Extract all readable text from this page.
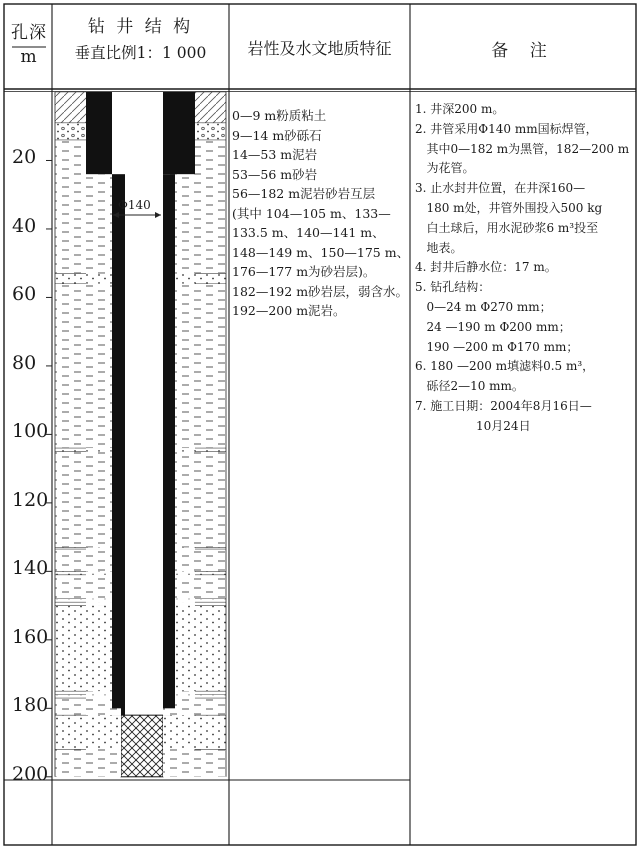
孔深
m
钻 井 结 构
垂直比例1：1 000	岩性及水文地质特征	备 注
20
40
60
80
100
120
140
160
180
200
Φ140
0—9 m粉质粘土
9—14 m砂砾石
14—53 m泥岩
53—56 m砂岩
56—182 m泥岩砂岩互层
(其中 104—105 m、133—
133.5 m、140—141 m、
148—149 m、150—175 m、
176—177 m为砂岩层)。
182—192 m砂岩层，弱含水。
192—200 m泥岩。
1. 井深200 m。
2. 井管采用Φ140 mm国标焊管，
其中0—182 m为黑管，182—200 m
为花管。
3. 止水封井位置，在井深160—
180 m处，井管外围投入500 kg
白土球后，用水泥砂浆6 m³投至
地表。
4. 封井后静水位：17 m。
5. 钻孔结构：
0—24 m Φ270 mm；
24 —190 m Φ200 mm；
190 —200 m Φ170 mm；
6. 180 —200 m填滤料0.5 m³，
砾径2—10 mm。
7. 施工日期：2004年8月16日—
10月24日
